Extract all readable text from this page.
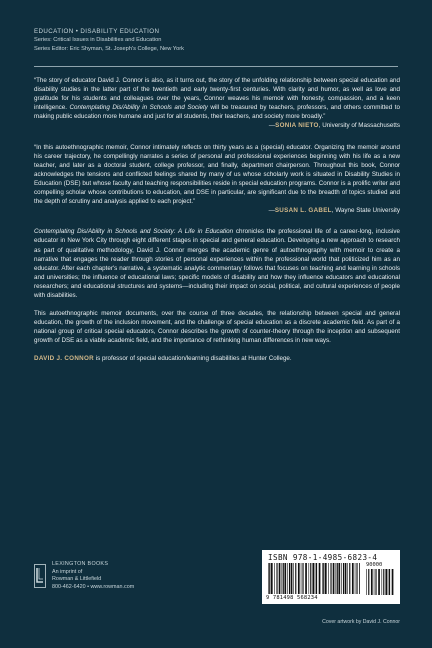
EDUCATION • DISABILITY EDUCATION
Series: Critical Issues in Disabilities and Education
Series Editor: Eric Shyman, St. Joseph's College, New York

“The story of educator David J. Connor is also, as it turns out, the story of the unfolding relationship between special education and disability studies in the latter part of the twentieth and early twenty-first centuries. With clarity and humor, as well as love and gratitude for his students and colleagues over the years, Connor weaves his memoir with honesty, compassion, and a keen intelligence. Contemplating Dis/Ability in Schools and Society will be treasured by teachers, professors, and others committed to making public education more humane and just for all students, their teachers, and society more broadly.”

—SONIA NIETO, University of Massachusetts

“In this autoethnographic memoir, Connor intimately reflects on thirty years as a (special) educator. Organizing the memoir around his career trajectory, he compellingly narrates a series of personal and professional experiences beginning with his life as a new teacher, and later as a doctoral student, college professor, and finally, department chairperson. Throughout this book, Connor acknowledges the tensions and conflicted feelings shared by many of us whose scholarly work is situated in Disability Studies in Education (DSE) but whose faculty and teaching responsibilities reside in special education programs. Connor is a prolific writer and compelling scholar whose contributions to education, and DSE in particular, are significant due to the breadth of topics studied and the depth of scrutiny and analysis applied to each project.”

—SUSAN L. GABEL, Wayne State University

Contemplating Dis/Ability in Schools and Society: A Life in Education chronicles the professional life of a career-long, inclusive educator in New York City through eight different stages in special and general education. Developing a new approach to research as part of qualitative methodology, David J. Connor merges the academic genre of autoethnography with memoir to create a narrative that engages the reader through stories of personal experiences within the professional world that politicized him as an educator. After each chapter's narrative, a systematic analytic commentary follows that focuses on teaching and learning in schools and universities; the influence of educational laws; specific models of disability and how they influence educators and educational researchers; and educational structures and systems—including their impact on social, political, and cultural experiences of people with disabilities.

This autoethnographic memoir documents, over the course of three decades, the relationship between special and general education, the growth of the inclusion movement, and the challenge of special education as a discrete academic field. As part of a national group of critical special educators, Connor describes the growth of counter-theory through the inception and subsequent growth of DSE as a viable academic field, and the importance of rethinking human differences in new ways.

DAVID J. CONNOR is professor of special education/learning disabilities at Hunter College.

LEXINGTON BOOKS
An imprint of
Rowman & Littlefield
800-462-6420 • www.rowman.com
ISBN 978-1-4985-6823-4
90000
9 781498 568234
Cover artwork by David J. Connor
